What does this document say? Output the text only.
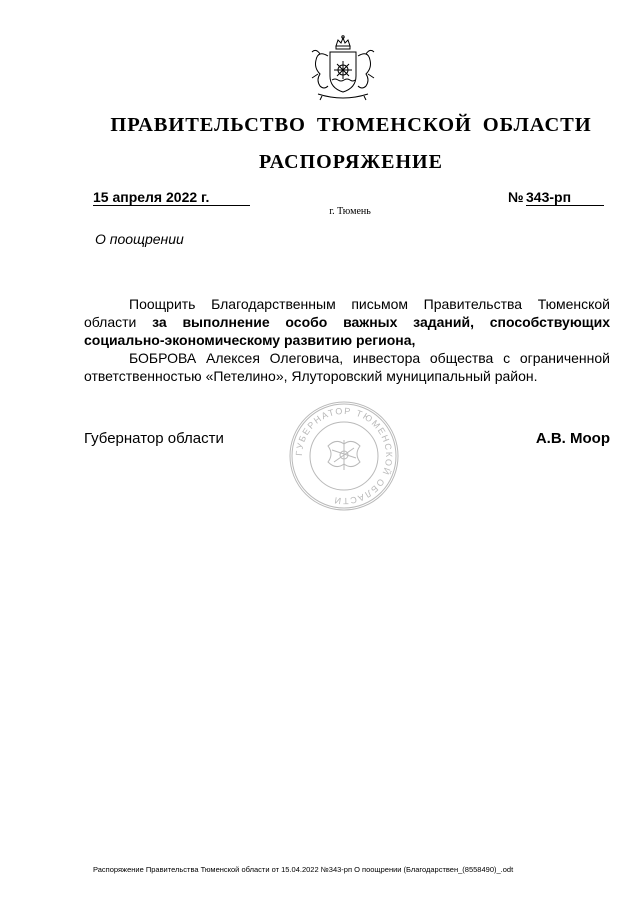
ПРАВИТЕЛЬСТВО ТЮМЕНСКОЙ ОБЛАСТИ
РАСПОРЯЖЕНИЕ
15 апреля 2022 г.	№ 343-рп
г. Тюмень
О поощрении
Поощрить Благодарственным письмом Правительства Тюменской области за выполнение особо важных заданий, способствующих социально-экономическому развитию региона,
БОБРОВА Алексея Олеговича, инвестора общества с ограниченной ответственностью «Петелино», Ялуторовский муниципальный район.
ГУБЕРНАТОР ТЮМЕНСКОЙ ОБЛАСТИ
Губернатор области	А.В. Моор
Распоряжение Правительства Тюменской области от 15.04.2022 №343-рп О поощрении (Благодарствен_(8558490)_.odt
